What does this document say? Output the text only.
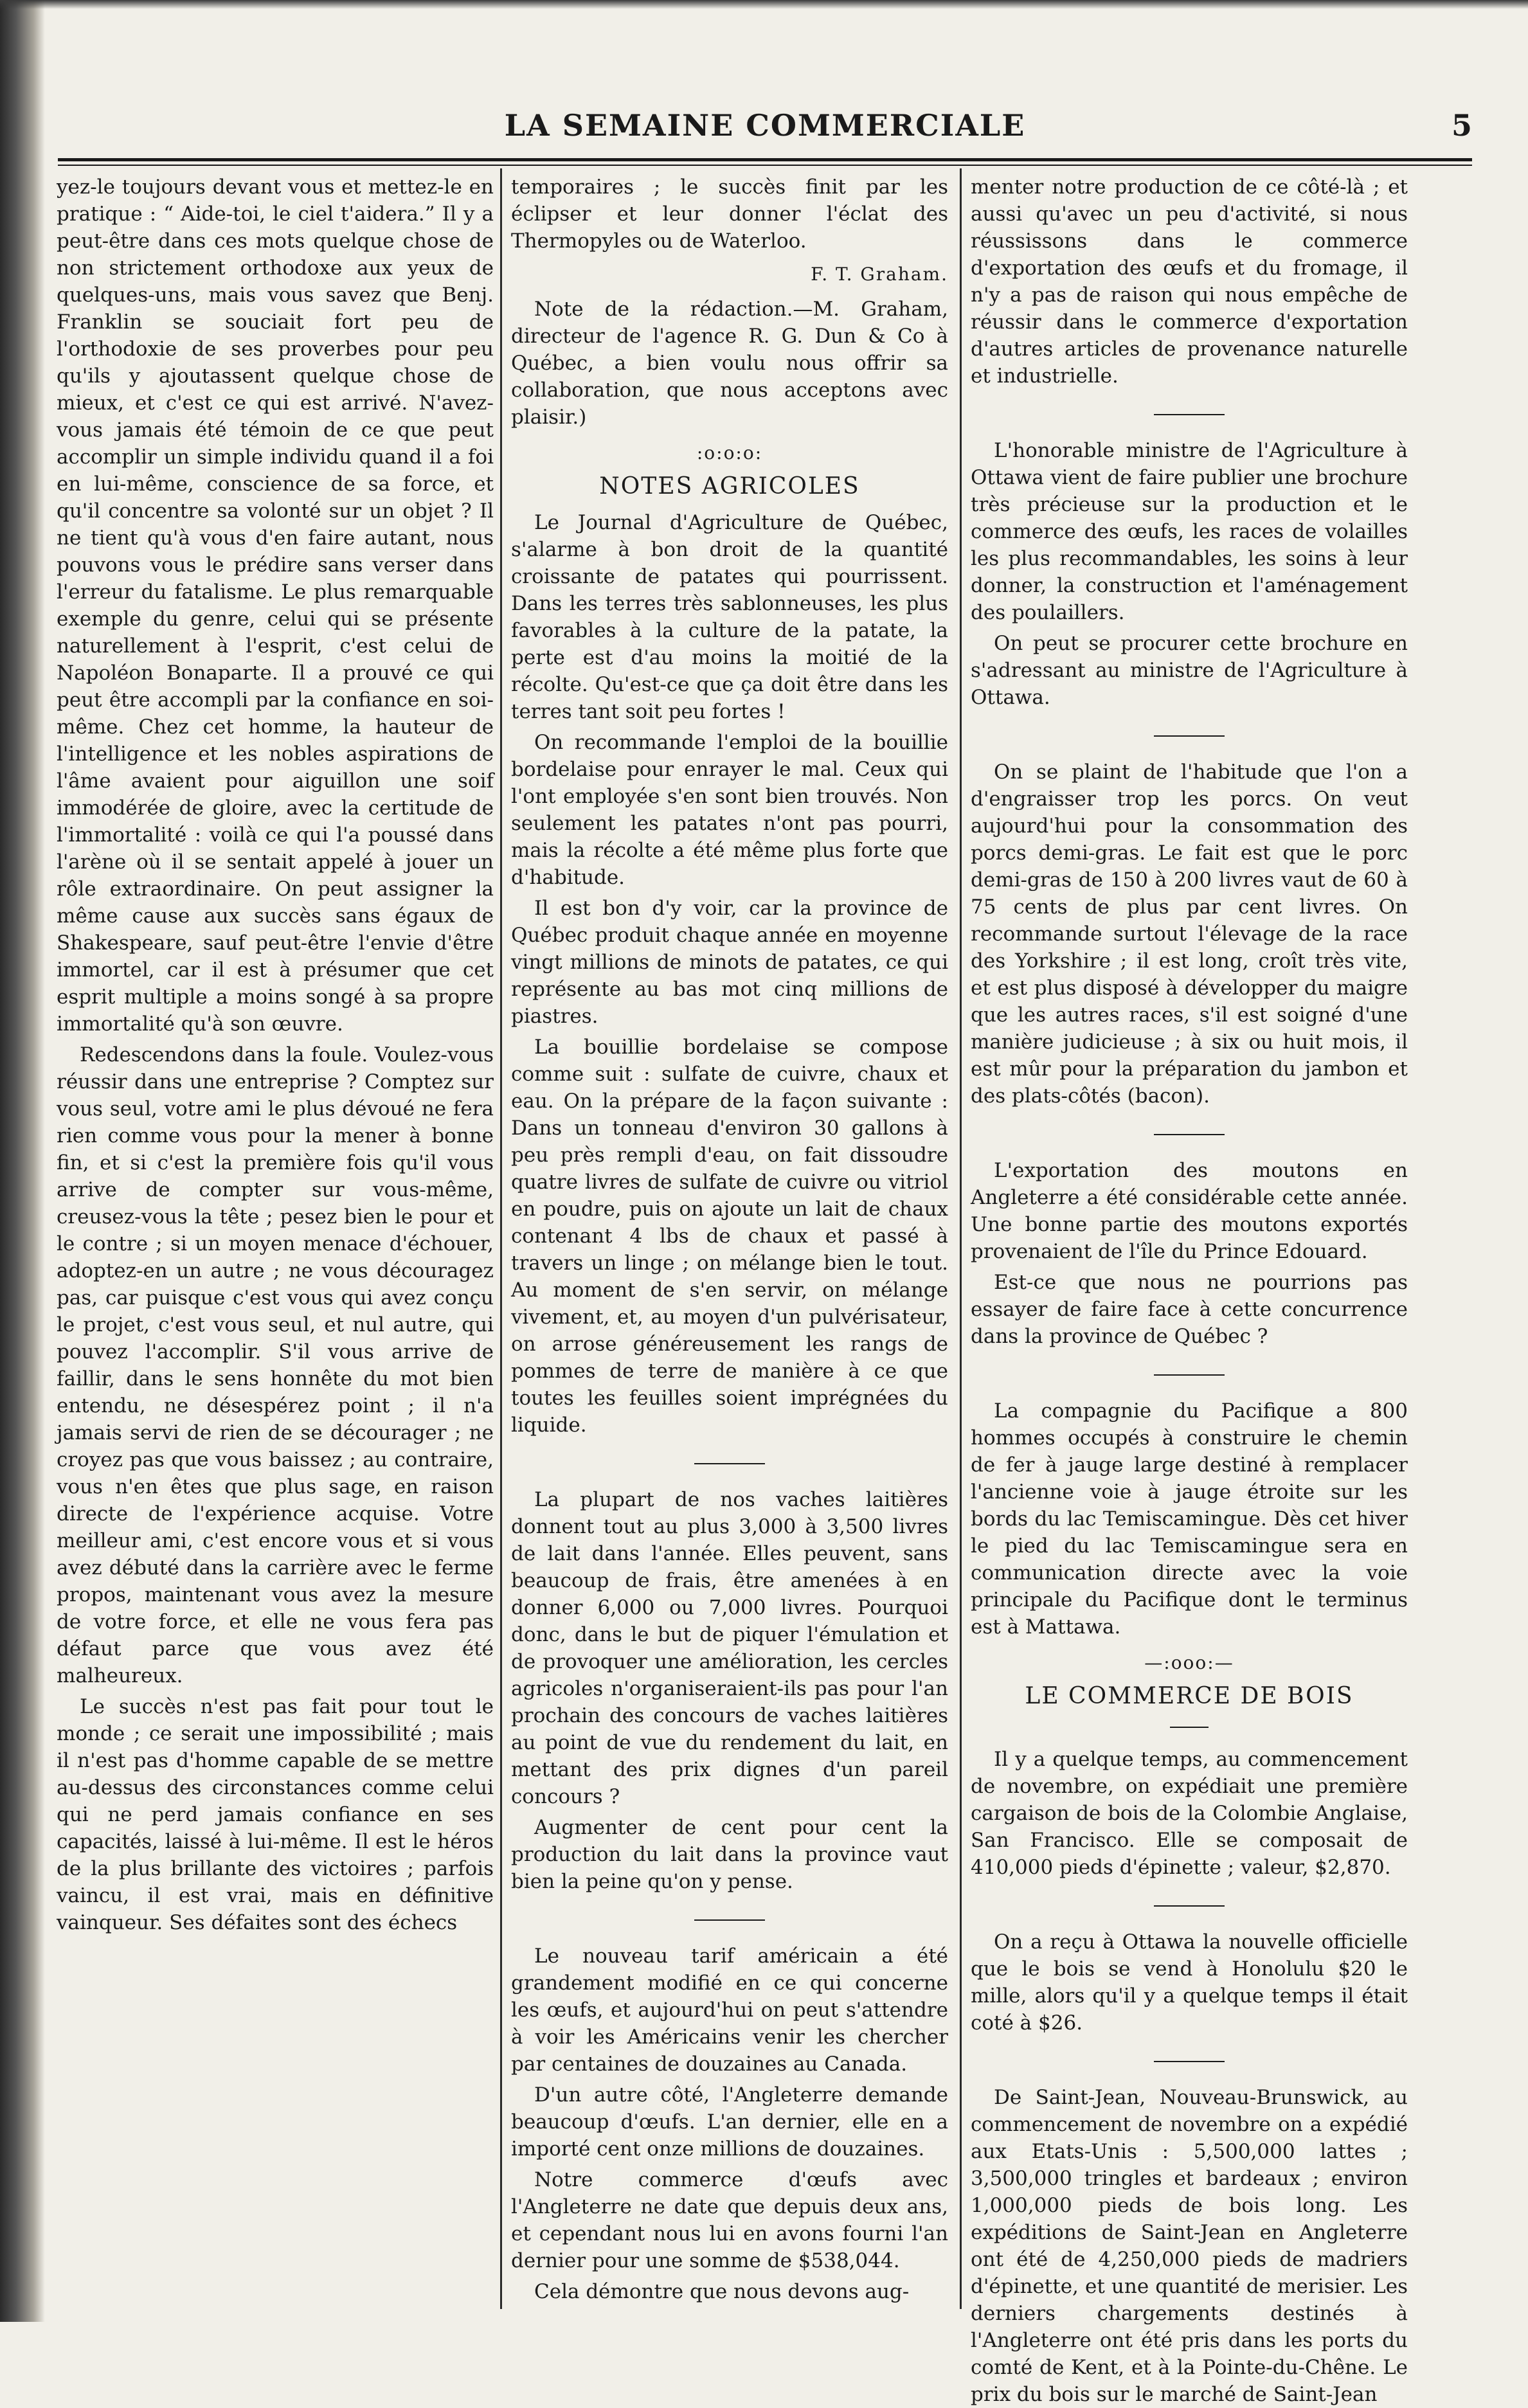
LA SEMAINE COMMERCIALE	5

yez-le toujours devant vous et mettez-le en pratique : “ Aide-toi, le ciel t'aidera.” Il y a peut-être dans ces mots quelque chose de non strictement orthodoxe aux yeux de quelques-uns, mais vous savez que Benj. Franklin se souciait fort peu de l'orthodoxie de ses proverbes pour peu qu'ils y ajoutassent quelque chose de mieux, et c'est ce qui est arrivé. N'avez-vous jamais été témoin de ce que peut accomplir un simple individu quand il a foi en lui-même, conscience de sa force, et qu'il concentre sa volonté sur un objet ? Il ne tient qu'à vous d'en faire autant, nous pouvons vous le prédire sans verser dans l'erreur du fatalisme. Le plus remarquable exemple du genre, celui qui se présente naturellement à l'esprit, c'est celui de Napoléon Bonaparte. Il a prouvé ce qui peut être accompli par la confiance en soi-même. Chez cet homme, la hauteur de l'intelligence et les nobles aspirations de l'âme avaient pour aiguillon une soif immodérée de gloire, avec la certitude de l'immortalité : voilà ce qui l'a poussé dans l'arène où il se sentait appelé à jouer un rôle extraordinaire. On peut assigner la même cause aux succès sans égaux de Shakespeare, sauf peut-être l'envie d'être immortel, car il est à présumer que cet esprit multiple a moins songé à sa propre immortalité qu'à son œuvre.

Redescendons dans la foule. Voulez-vous réussir dans une entreprise ? Comptez sur vous seul, votre ami le plus dévoué ne fera rien comme vous pour la mener à bonne fin, et si c'est la première fois qu'il vous arrive de compter sur vous-même, creusez-vous la tête ; pesez bien le pour et le contre ; si un moyen menace d'échouer, adoptez-en un autre ; ne vous découragez pas, car puisque c'est vous qui avez conçu le projet, c'est vous seul, et nul autre, qui pouvez l'accomplir. S'il vous arrive de faillir, dans le sens honnête du mot bien entendu, ne désespérez point ; il n'a jamais servi de rien de se décourager ; ne croyez pas que vous baissez ; au contraire, vous n'en êtes que plus sage, en raison directe de l'expérience acquise. Votre meilleur ami, c'est encore vous et si vous avez débuté dans la carrière avec le ferme propos, maintenant vous avez la mesure de votre force, et elle ne vous fera pas défaut parce que vous avez été malheureux.

Le succès n'est pas fait pour tout le monde ; ce serait une impossibilité ; mais il n'est pas d'homme capable de se mettre au-dessus des circonstances comme celui qui ne perd jamais confiance en ses capacités, laissé à lui-même. Il est le héros de la plus brillante des victoires ; parfois vaincu, il est vrai, mais en définitive vainqueur. Ses défaites sont des échecs

temporaires ; le succès finit par les éclipser et leur donner l'éclat des Thermopyles ou de Waterloo.

F. T. Graham.

Note de la rédaction.—M. Graham, directeur de l'agence R. G. Dun & Co à Québec, a bien voulu nous offrir sa collaboration, que nous acceptons avec plaisir.)

:o:o:o:
NOTES AGRICOLES

Le Journal d'Agriculture de Québec, s'alarme à bon droit de la quantité croissante de patates qui pourrissent. Dans les terres très sablonneuses, les plus favorables à la culture de la patate, la perte est d'au moins la moitié de la récolte. Qu'est-ce que ça doit être dans les terres tant soit peu fortes !

On recommande l'emploi de la bouillie bordelaise pour enrayer le mal. Ceux qui l'ont employée s'en sont bien trouvés. Non seulement les patates n'ont pas pourri, mais la récolte a été même plus forte que d'habitude.

Il est bon d'y voir, car la province de Québec produit chaque année en moyenne vingt millions de minots de patates, ce qui représente au bas mot cinq millions de piastres.

La bouillie bordelaise se compose comme suit : sulfate de cuivre, chaux et eau. On la prépare de la façon suivante : Dans un tonneau d'environ 30 gallons à peu près rempli d'eau, on fait dissoudre quatre livres de sulfate de cuivre ou vitriol en poudre, puis on ajoute un lait de chaux contenant 4 lbs de chaux et passé à travers un linge ; on mélange bien le tout. Au moment de s'en servir, on mélange vivement, et, au moyen d'un pulvérisateur, on arrose généreusement les rangs de pommes de terre de manière à ce que toutes les feuilles soient imprégnées du liquide.

La plupart de nos vaches laitières donnent tout au plus 3,000 à 3,500 livres de lait dans l'année. Elles peuvent, sans beaucoup de frais, être amenées à en donner 6,000 ou 7,000 livres. Pourquoi donc, dans le but de piquer l'émulation et de provoquer une amélioration, les cercles agricoles n'organiseraient-ils pas pour l'an prochain des concours de vaches laitières au point de vue du rendement du lait, en mettant des prix dignes d'un pareil concours ?

Augmenter de cent pour cent la production du lait dans la province vaut bien la peine qu'on y pense.

Le nouveau tarif américain a été grandement modifié en ce qui concerne les œufs, et aujourd'hui on peut s'attendre à voir les Américains venir les chercher par centaines de douzaines au Canada.

D'un autre côté, l'Angleterre demande beaucoup d'œufs. L'an dernier, elle en a importé cent onze millions de douzaines.

Notre commerce d'œufs avec l'Angleterre ne date que depuis deux ans, et cependant nous lui en avons fourni l'an dernier pour une somme de $538,044.

Cela démontre que nous devons aug-

menter notre production de ce côté-là ; et aussi qu'avec un peu d'activité, si nous réussissons dans le commerce d'exportation des œufs et du fromage, il n'y a pas de raison qui nous empêche de réussir dans le commerce d'exportation d'autres articles de provenance naturelle et industrielle.

L'honorable ministre de l'Agriculture à Ottawa vient de faire publier une brochure très précieuse sur la production et le commerce des œufs, les races de volailles les plus recommandables, les soins à leur donner, la construction et l'aménagement des poulaillers.

On peut se procurer cette brochure en s'adressant au ministre de l'Agriculture à Ottawa.

On se plaint de l'habitude que l'on a d'engraisser trop les porcs. On veut aujourd'hui pour la consommation des porcs demi-gras. Le fait est que le porc demi-gras de 150 à 200 livres vaut de 60 à 75 cents de plus par cent livres. On recommande surtout l'élevage de la race des Yorkshire ; il est long, croît très vite, et est plus disposé à développer du maigre que les autres races, s'il est soigné d'une manière judicieuse ; à six ou huit mois, il est mûr pour la préparation du jambon et des plats-côtés (bacon).

L'exportation des moutons en Angleterre a été considérable cette année. Une bonne partie des moutons exportés provenaient de l'île du Prince Edouard.

Est-ce que nous ne pourrions pas essayer de faire face à cette concurrence dans la province de Québec ?

La compagnie du Pacifique a 800 hommes occupés à construire le chemin de fer à jauge large destiné à remplacer l'ancienne voie à jauge étroite sur les bords du lac Temiscamingue. Dès cet hiver le pied du lac Temiscamingue sera en communication directe avec la voie principale du Pacifique dont le terminus est à Mattawa.

—:ooo:—
LE COMMERCE DE BOIS

Il y a quelque temps, au commencement de novembre, on expédiait une première cargaison de bois de la Colombie Anglaise, San Francisco. Elle se composait de 410,000 pieds d'épinette ; valeur, $2,870.

On a reçu à Ottawa la nouvelle officielle que le bois se vend à Honolulu $20 le mille, alors qu'il y a quelque temps il était coté à $26.

De Saint-Jean, Nouveau-Brunswick, au commencement de novembre on a expédié aux Etats-Unis : 5,500,000 lattes ; 3,500,000 tringles et bardeaux ; environ 1,000,000 pieds de bois long. Les expéditions de Saint-Jean en Angleterre ont été de 4,250,000 pieds de madriers d'épinette, et une quantité de merisier. Les derniers chargements destinés à l'Angleterre ont été pris dans les ports du comté de Kent, et à la Pointe-du-Chêne. Le prix du bois sur le marché de Saint-Jean
